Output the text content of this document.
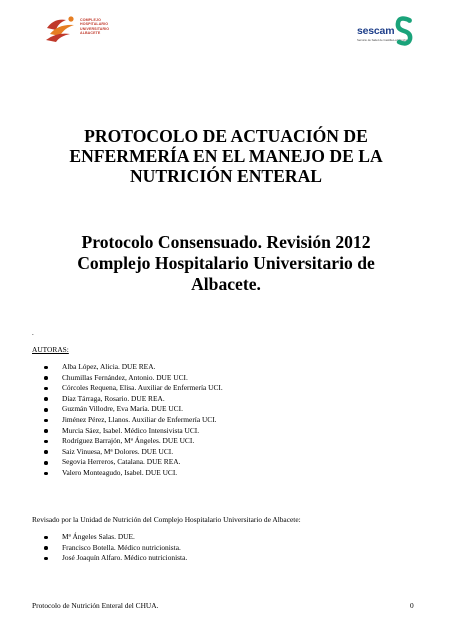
COMPLEJO
HOSPITALARIO
UNIVERSITARIO
ALBACETE	sescam
Servicio de Salud de Castilla-La Mancha
PROTOCOLO DE ACTUACIÓN DE
ENFERMERÍA EN EL MANEJO DE LA
NUTRICIÓN ENTERAL
Protocolo Consensuado. Revisión 2012
Complejo Hospitalario Universitario de
Albacete.
.
AUTORAS:
Alba López, Alicia. DUE REA.
Chumillas Fernández, Antonio. DUE UCI.
Córcoles Requena, Elisa. Auxiliar de Enfermería UCI.
Díaz Tárraga, Rosario. DUE REA.
Guzmán Villodre, Eva María. DUE UCI.
Jiménez Pérez, Llanos. Auxiliar de Enfermería UCI.
Murcia Sáez, Isabel. Médico Intensivista UCI.
Rodríguez Barrajón, Mª Ángeles. DUE UCI.
Saiz Vinuesa, Mª Dolores. DUE UCI.
Segovia Herreros, Catalana. DUE REA.
Valero Monteagudo, Isabel. DUE UCI.
Revisado por la Unidad de Nutrición del Complejo Hospitalario Universitario de Albacete:
Mª Ángeles Salas. DUE.
Francisco Botella. Médico nutricionista.
José Joaquín Alfaro. Médico nutricionista.
Protocolo de Nutrición Enteral del CHUA.	0
